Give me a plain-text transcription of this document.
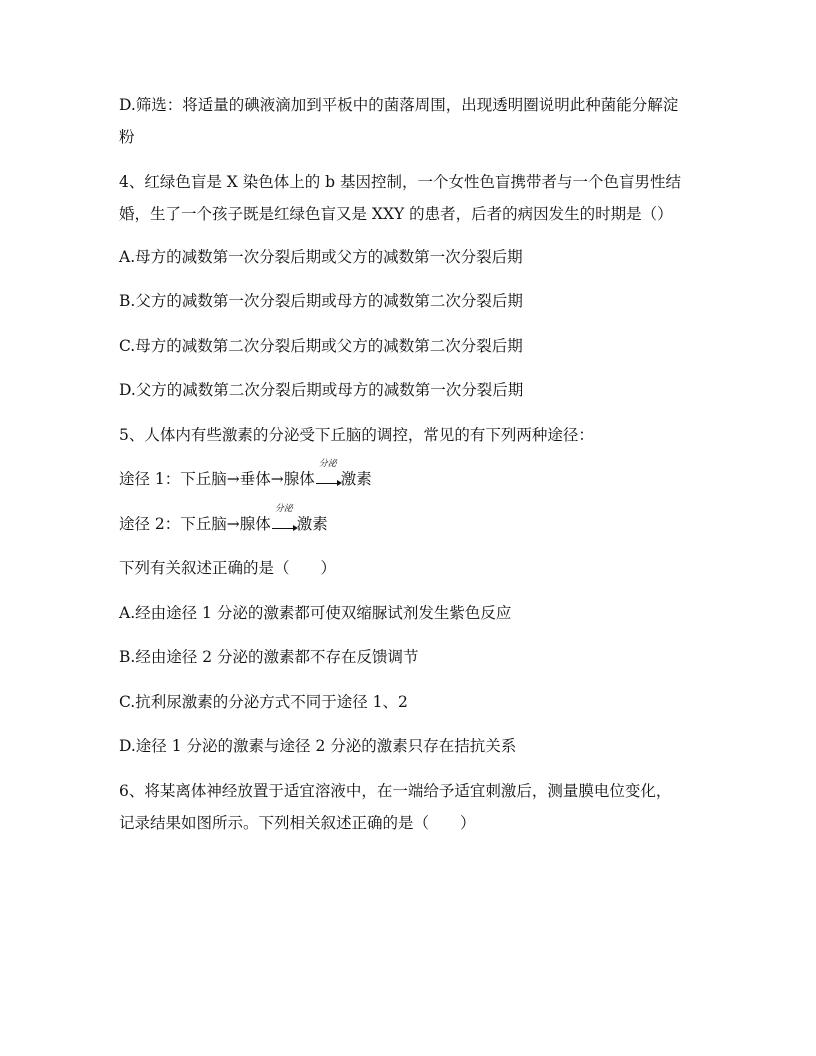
D.筛选：将适量的碘液滴加到平板中的菌落周围，出现透明圈说明此种菌能分解淀
粉
4、红绿色盲是 X 染色体上的 b 基因控制，一个女性色盲携带者与一个色盲男性结
婚，生了一个孩子既是红绿色盲又是 XXY 的患者，后者的病因发生的时期是（）
A.母方的减数第一次分裂后期或父方的减数第一次分裂后期
B.父方的减数第一次分裂后期或母方的减数第二次分裂后期
C.母方的减数第二次分裂后期或父方的减数第二次分裂后期
D.父方的减数第二次分裂后期或母方的减数第一次分裂后期
5、人体内有些激素的分泌受下丘脑的调控，常见的有下列两种途径：
途径 1：下丘脑→垂体→腺体
分泌
激素
途径 2：下丘脑→腺体
分泌
激素
下列有关叙述正确的是（　　）
A.经由途径 1 分泌的激素都可使双缩脲试剂发生紫色反应
B.经由途径 2 分泌的激素都不存在反馈调节
C.抗利尿激素的分泌方式不同于途径 1、2
D.途径 1 分泌的激素与途径 2 分泌的激素只存在拮抗关系
6、将某离体神经放置于适宜溶液中，在一端给予适宜刺激后，测量膜电位变化，
记录结果如图所示。下列相关叙述正确的是（　　）
